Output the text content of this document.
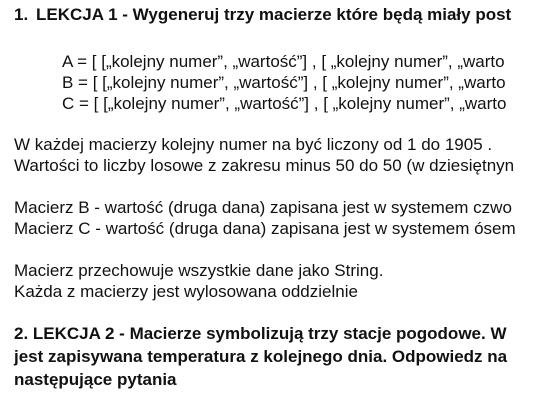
1. LEKCJA 1 - Wygeneruj trzy macierze które będą miały post
A = [ [„kolejny numer”, „wartość”] , [ „kolejny numer”, „warto
B = [ [„kolejny numer”, „wartość”] , [ „kolejny numer”, „warto
C = [ [„kolejny numer”, „wartość”] , [ „kolejny numer”, „warto
W każdej macierzy kolejny numer na być liczony od 1 do 1905 .
Wartości to liczby losowe z zakresu minus 50 do 50 (w dziesiętnyn
Macierz B - wartość (druga dana) zapisana jest w systemem czwo
Macierz C - wartość (druga dana) zapisana jest w systemem ósem
Macierz przechowuje wszystkie dane jako String.
Każda z macierzy jest wylosowana oddzielnie
2. LEKCJA 2 - Macierze symbolizują trzy stacje pogodowe. W
jest zapisywana temperatura z kolejnego dnia. Odpowiedz na
następujące pytania
